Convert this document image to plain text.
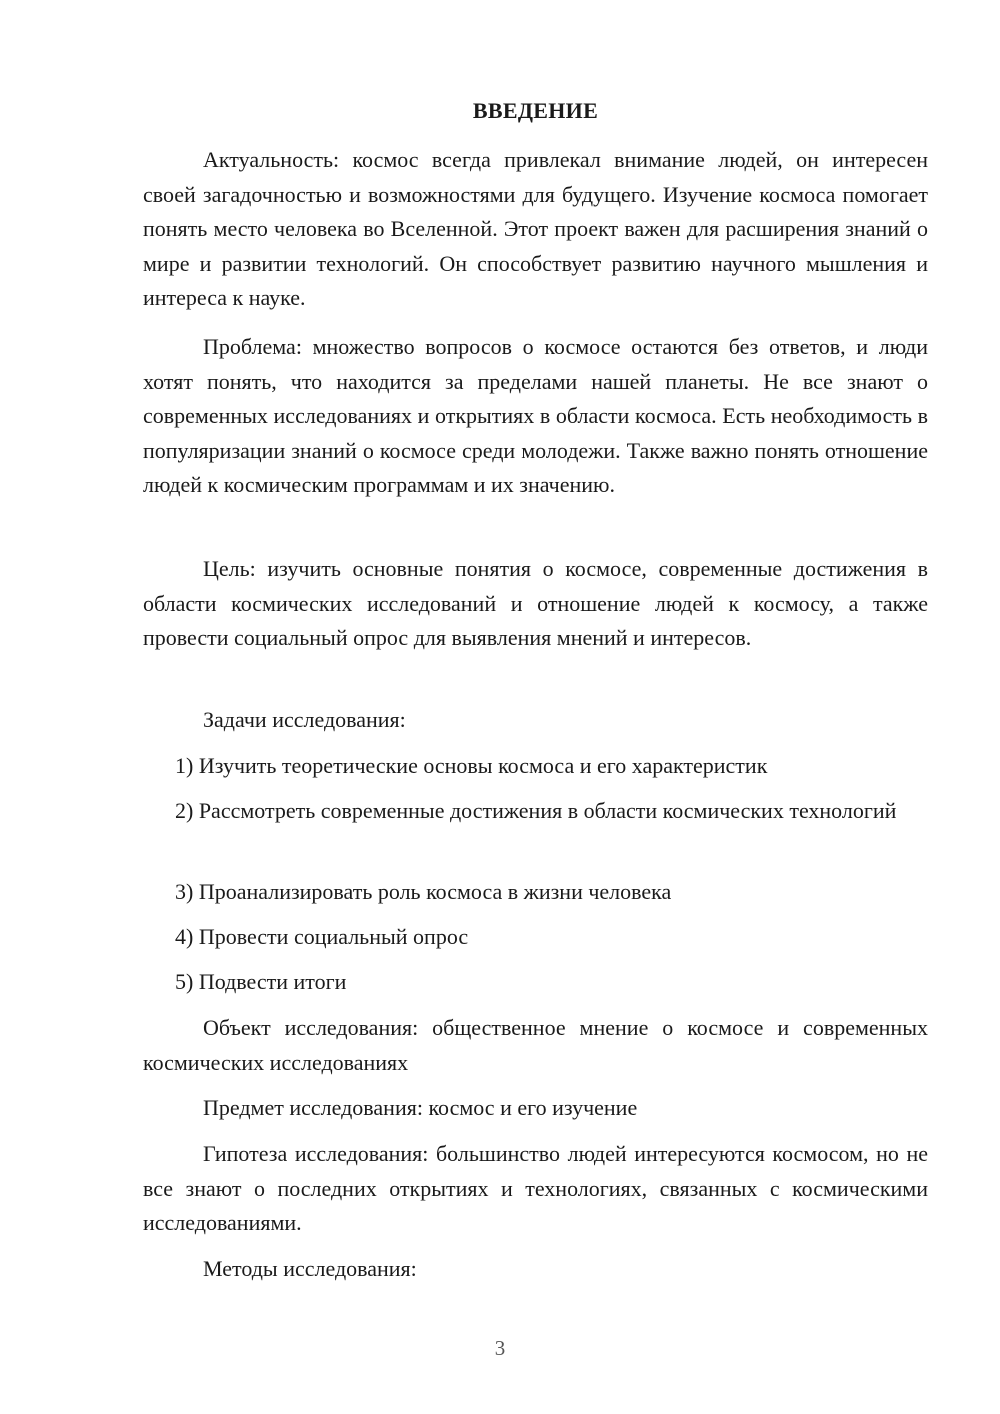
ВВЕДЕНИЕ

Актуальность: космос всегда привлекал внимание людей, он интересен своей загадочностью и возможностями для будущего. Изучение космоса помогает понять место человека во Вселенной. Этот проект важен для расширения знаний о мире и развитии технологий. Он способствует развитию научного мышления и интереса к науке.

Проблема: множество вопросов о космосе остаются без ответов, и люди хотят понять, что находится за пределами нашей планеты. Не все знают о современных исследованиях и открытиях в области космоса. Есть необходимость в популяризации знаний о космосе среди молодежи. Также важно понять отношение людей к космическим программам и их значению.

Цель: изучить основные понятия о космосе, современные достижения в области космических исследований и отношение людей к космосу, а также провести социальный опрос для выявления мнений и интересов.

Задачи исследования:

1) Изучить теоретические основы космоса и его характеристик

2) Рассмотреть современные достижения в области космических технологий

3) Проанализировать роль космоса в жизни человека

4) Провести социальный опрос

5) Подвести итоги

Объект исследования: общественное мнение о космосе и современных космических исследованиях

Предмет исследования: космос и его изучение

Гипотеза исследования: большинство людей интересуются космосом, но не все знают о последних открытиях и технологиях, связанных с космическими исследованиями.

Методы исследования:

3
